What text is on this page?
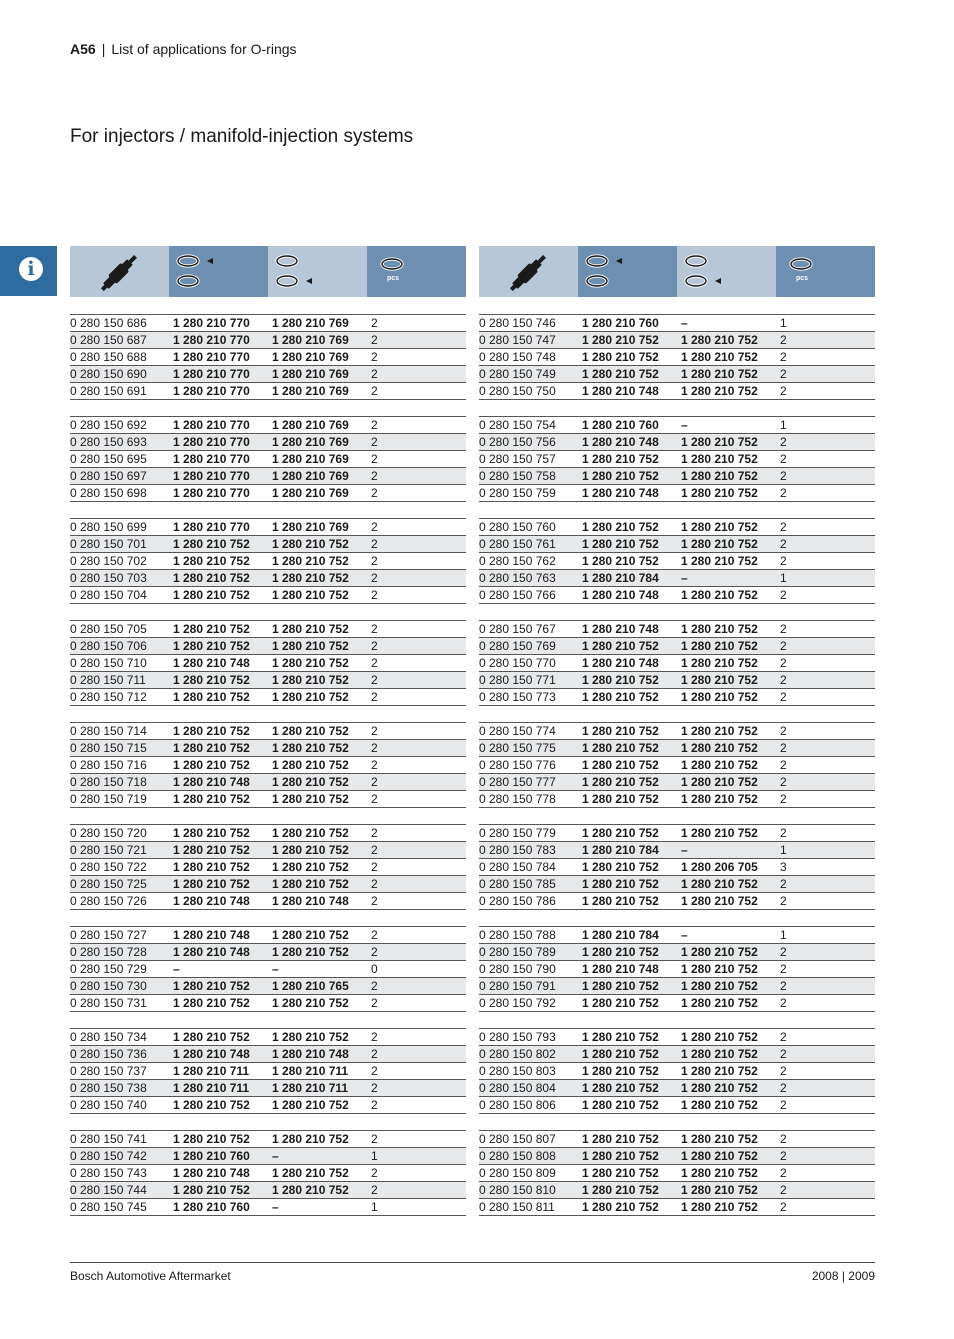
A56 | List of applications for O-rings
For injectors / manifold-injection systems
i	pcs
0 280 150 686	1 280 210 770	1 280 210 769	2
0 280 150 687	1 280 210 770	1 280 210 769	2
0 280 150 688	1 280 210 770	1 280 210 769	2
0 280 150 690	1 280 210 770	1 280 210 769	2
0 280 150 691	1 280 210 770	1 280 210 769	2
0 280 150 692	1 280 210 770	1 280 210 769	2
0 280 150 693	1 280 210 770	1 280 210 769	2
0 280 150 695	1 280 210 770	1 280 210 769	2
0 280 150 697	1 280 210 770	1 280 210 769	2
0 280 150 698	1 280 210 770	1 280 210 769	2
0 280 150 699	1 280 210 770	1 280 210 769	2
0 280 150 701	1 280 210 752	1 280 210 752	2
0 280 150 702	1 280 210 752	1 280 210 752	2
0 280 150 703	1 280 210 752	1 280 210 752	2
0 280 150 704	1 280 210 752	1 280 210 752	2
0 280 150 705	1 280 210 752	1 280 210 752	2
0 280 150 706	1 280 210 752	1 280 210 752	2
0 280 150 710	1 280 210 748	1 280 210 752	2
0 280 150 711	1 280 210 752	1 280 210 752	2
0 280 150 712	1 280 210 752	1 280 210 752	2
0 280 150 714	1 280 210 752	1 280 210 752	2
0 280 150 715	1 280 210 752	1 280 210 752	2
0 280 150 716	1 280 210 752	1 280 210 752	2
0 280 150 718	1 280 210 748	1 280 210 752	2
0 280 150 719	1 280 210 752	1 280 210 752	2
0 280 150 720	1 280 210 752	1 280 210 752	2
0 280 150 721	1 280 210 752	1 280 210 752	2
0 280 150 722	1 280 210 752	1 280 210 752	2
0 280 150 725	1 280 210 752	1 280 210 752	2
0 280 150 726	1 280 210 748	1 280 210 748	2
0 280 150 727	1 280 210 748	1 280 210 752	2
0 280 150 728	1 280 210 748	1 280 210 752	2
0 280 150 729	–	–	0
0 280 150 730	1 280 210 752	1 280 210 765	2
0 280 150 731	1 280 210 752	1 280 210 752	2
0 280 150 734	1 280 210 752	1 280 210 752	2
0 280 150 736	1 280 210 748	1 280 210 748	2
0 280 150 737	1 280 210 711	1 280 210 711	2
0 280 150 738	1 280 210 711	1 280 210 711	2
0 280 150 740	1 280 210 752	1 280 210 752	2
0 280 150 741	1 280 210 752	1 280 210 752	2
0 280 150 742	1 280 210 760	–	1
0 280 150 743	1 280 210 748	1 280 210 752	2
0 280 150 744	1 280 210 752	1 280 210 752	2
0 280 150 745	1 280 210 760	–	1
pcs
0 280 150 746	1 280 210 760	–	1
0 280 150 747	1 280 210 752	1 280 210 752	2
0 280 150 748	1 280 210 752	1 280 210 752	2
0 280 150 749	1 280 210 752	1 280 210 752	2
0 280 150 750	1 280 210 748	1 280 210 752	2
0 280 150 754	1 280 210 760	–	1
0 280 150 756	1 280 210 748	1 280 210 752	2
0 280 150 757	1 280 210 752	1 280 210 752	2
0 280 150 758	1 280 210 752	1 280 210 752	2
0 280 150 759	1 280 210 748	1 280 210 752	2
0 280 150 760	1 280 210 752	1 280 210 752	2
0 280 150 761	1 280 210 752	1 280 210 752	2
0 280 150 762	1 280 210 752	1 280 210 752	2
0 280 150 763	1 280 210 784	–	1
0 280 150 766	1 280 210 748	1 280 210 752	2
0 280 150 767	1 280 210 748	1 280 210 752	2
0 280 150 769	1 280 210 752	1 280 210 752	2
0 280 150 770	1 280 210 748	1 280 210 752	2
0 280 150 771	1 280 210 752	1 280 210 752	2
0 280 150 773	1 280 210 752	1 280 210 752	2
0 280 150 774	1 280 210 752	1 280 210 752	2
0 280 150 775	1 280 210 752	1 280 210 752	2
0 280 150 776	1 280 210 752	1 280 210 752	2
0 280 150 777	1 280 210 752	1 280 210 752	2
0 280 150 778	1 280 210 752	1 280 210 752	2
0 280 150 779	1 280 210 752	1 280 210 752	2
0 280 150 783	1 280 210 784	–	1
0 280 150 784	1 280 210 752	1 280 206 705	3
0 280 150 785	1 280 210 752	1 280 210 752	2
0 280 150 786	1 280 210 752	1 280 210 752	2
0 280 150 788	1 280 210 784	–	1
0 280 150 789	1 280 210 752	1 280 210 752	2
0 280 150 790	1 280 210 748	1 280 210 752	2
0 280 150 791	1 280 210 752	1 280 210 752	2
0 280 150 792	1 280 210 752	1 280 210 752	2
0 280 150 793	1 280 210 752	1 280 210 752	2
0 280 150 802	1 280 210 752	1 280 210 752	2
0 280 150 803	1 280 210 752	1 280 210 752	2
0 280 150 804	1 280 210 752	1 280 210 752	2
0 280 150 806	1 280 210 752	1 280 210 752	2
0 280 150 807	1 280 210 752	1 280 210 752	2
0 280 150 808	1 280 210 752	1 280 210 752	2
0 280 150 809	1 280 210 752	1 280 210 752	2
0 280 150 810	1 280 210 752	1 280 210 752	2
0 280 150 811	1 280 210 752	1 280 210 752	2
Bosch Automotive Aftermarket	2008 | 2009
